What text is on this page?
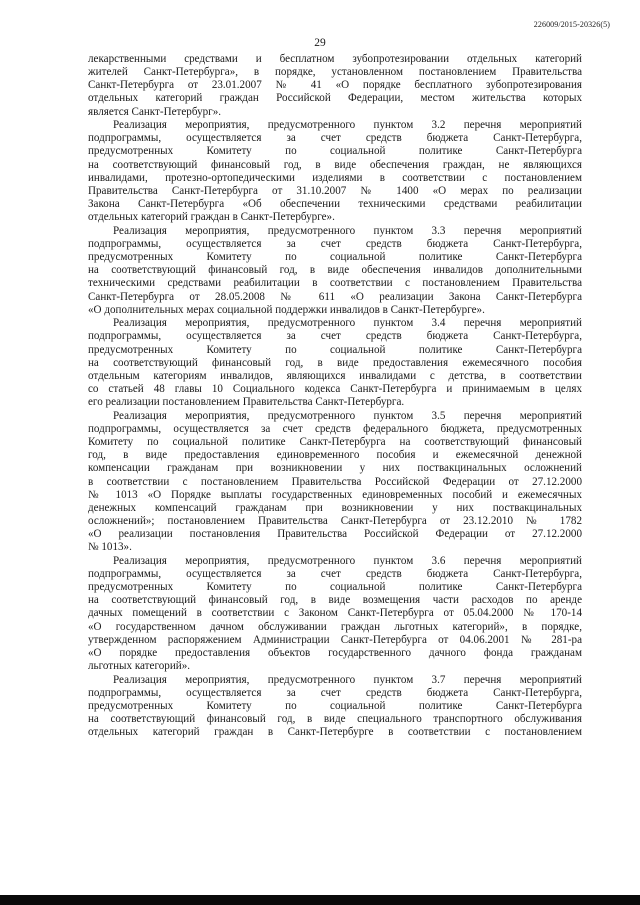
226009/2015-20326(5)
29
лекарственными средствами и бесплатном зубопротезировании отдельных категорий
жителей Санкт-Петербурга», в порядке, установленном постановлением Правительства
Санкт-Петербурга от 23.01.2007 № 41 «О порядке бесплатного зубопротезирования
отдельных категорий граждан Российской Федерации, местом жительства которых
является Санкт-Петербург».
Реализация мероприятия, предусмотренного пунктом 3.2 перечня мероприятий
подпрограммы, осуществляется за счет средств бюджета Санкт-Петербурга,
предусмотренных Комитету по социальной политике Санкт-Петербурга
на соответствующий финансовый год, в виде обеспечения граждан, не являющихся
инвалидами, протезно-ортопедическими изделиями в соответствии с постановлением
Правительства Санкт-Петербурга от 31.10.2007 № 1400 «О мерах по реализации
Закона Санкт-Петербурга «Об обеспечении техническими средствами реабилитации
отдельных категорий граждан в Санкт-Петербурге».
Реализация мероприятия, предусмотренного пунктом 3.3 перечня мероприятий
подпрограммы, осуществляется за счет средств бюджета Санкт-Петербурга,
предусмотренных Комитету по социальной политике Санкт-Петербурга
на соответствующий финансовый год, в виде обеспечения инвалидов дополнительными
техническими средствами реабилитации в соответствии с постановлением Правительства
Санкт-Петербурга от 28.05.2008 № 611 «О реализации Закона Санкт-Петербурга
«О дополнительных мерах социальной поддержки инвалидов в Санкт-Петербурге».
Реализация мероприятия, предусмотренного пунктом 3.4 перечня мероприятий
подпрограммы, осуществляется за счет средств бюджета Санкт-Петербурга,
предусмотренных Комитету по социальной политике Санкт-Петербурга
на соответствующий финансовый год, в виде предоставления ежемесячного пособия
отдельным категориям инвалидов, являющихся инвалидами с детства, в соответствии
со статьей 48 главы 10 Социального кодекса Санкт-Петербурга и принимаемым в целях
его реализации постановлением Правительства Санкт-Петербурга.
Реализация мероприятия, предусмотренного пунктом 3.5 перечня мероприятий
подпрограммы, осуществляется за счет средств федерального бюджета, предусмотренных
Комитету по социальной политике Санкт-Петербурга на соответствующий финансовый
год, в виде предоставления единовременного пособия и ежемесячной денежной
компенсации гражданам при возникновении у них поствакцинальных осложнений
в соответствии с постановлением Правительства Российской Федерации от 27.12.2000
№ 1013 «О Порядке выплаты государственных единовременных пособий и ежемесячных
денежных компенсаций гражданам при возникновении у них поствакцинальных
осложнений»; постановлением Правительства Санкт-Петербурга от 23.12.2010 № 1782
«О реализации постановления Правительства Российской Федерации от 27.12.2000
№ 1013».
Реализация мероприятия, предусмотренного пунктом 3.6 перечня мероприятий
подпрограммы, осуществляется за счет средств бюджета Санкт-Петербурга,
предусмотренных Комитету по социальной политике Санкт-Петербурга
на соответствующий финансовый год, в виде возмещения части расходов по аренде
дачных помещений в соответствии с Законом Санкт-Петербурга от 05.04.2000 № 170-14
«О государственном дачном обслуживании граждан льготных категорий», в порядке,
утвержденном распоряжением Администрации Санкт-Петербурга от 04.06.2001 № 281-ра
«О порядке предоставления объектов государственного дачного фонда гражданам
льготных категорий».
Реализация мероприятия, предусмотренного пунктом 3.7 перечня мероприятий
подпрограммы, осуществляется за счет средств бюджета Санкт-Петербурга,
предусмотренных Комитету по социальной политике Санкт-Петербурга
на соответствующий финансовый год, в виде специального транспортного обслуживания
отдельных категорий граждан в Санкт-Петербурге в соответствии с постановлением
